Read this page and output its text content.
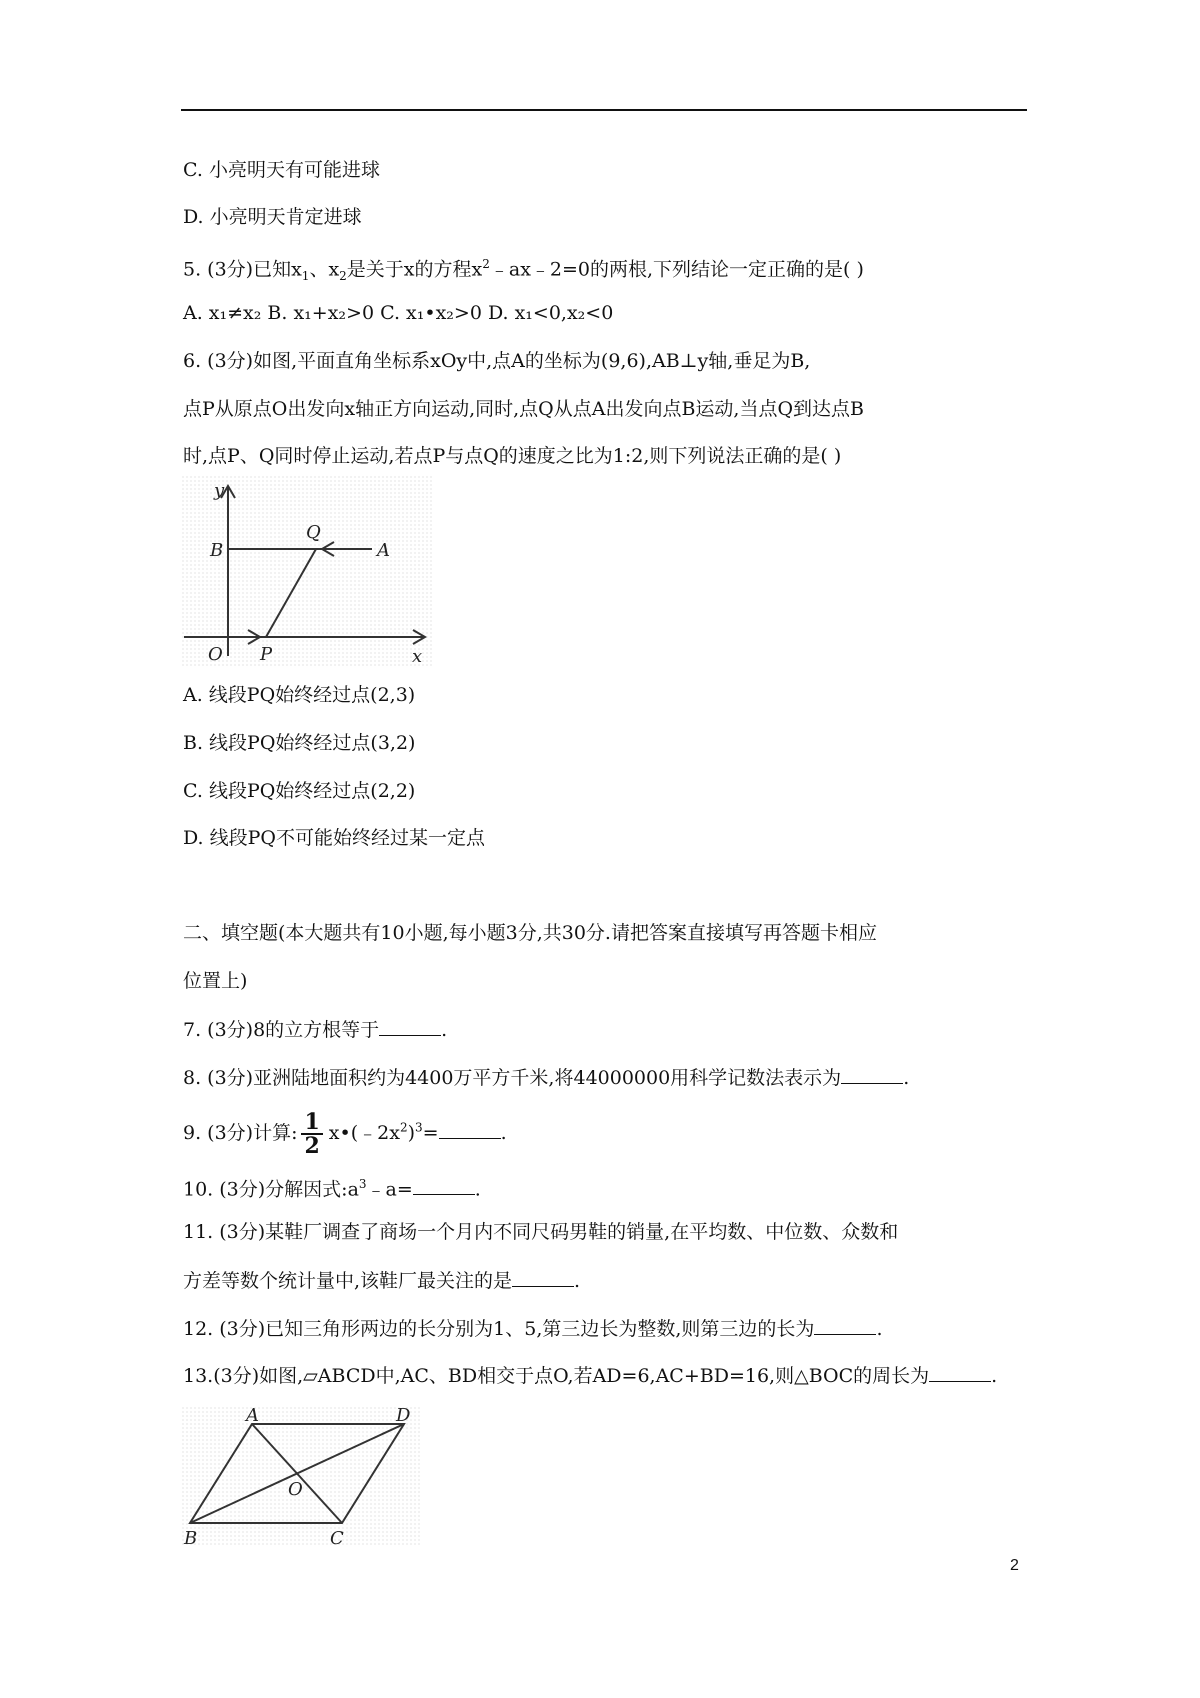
C. 小亮明天有可能进球
D. 小亮明天肯定进球
5. (3分)已知$x_1$、$x_2$是关于x的方程$x^2﹣ax﹣2=0$的两根,下列结论一定正确的是( )
A. x₁≠x₂ B. x₁+x₂>0 C. x₁•x₂>0 D. x₁<0,x₂<0
6. (3分)如图,平面直角坐标系xOy中,点A的坐标为(9,6),AB⊥y轴,垂足为B,
点P从原点O出发向x轴正方向运动,同时,点Q从点A出发向点B运动,当点Q到达点B
时,点P、Q同时停止运动,若点P与点Q的速度之比为1:2,则下列说法正确的是( )
y
B
Q
A
O P	x
A. 线段PQ始终经过点(2,3)
B. 线段PQ始终经过点(3,2)
C. 线段PQ始终经过点(2,2)
D. 线段PQ不可能始终经过某一定点
二、填空题(本大题共有10小题,每小题3分,共30分.请把答案直接填写再答题卡相应
位置上)
7. (3分)8的立方根等于	.
8. (3分)亚洲陆地面积约为4400万平方千米,将44000000用科学记数法表示为	.
9. (3分)计算: $\frac{1}{2}$ $x•(﹣2x^2)^3=$	.
10. (3分)分解因式$:a^3﹣a=$	.
11. (3分)某鞋厂调查了商场一个月内不同尺码男鞋的销量,在平均数、中位数、众数和
方差等数个统计量中,该鞋厂最关注的是	.
12. (3分)已知三角形两边的长分别为1、5,第三边长为整数,则第三边的长为	.
13.(3分)如图,▱ABCD中,AC、BD相交于点O,若AD=6,AC+BD=16,则△BOC的周长为	.
A	D
O
B	C
2
